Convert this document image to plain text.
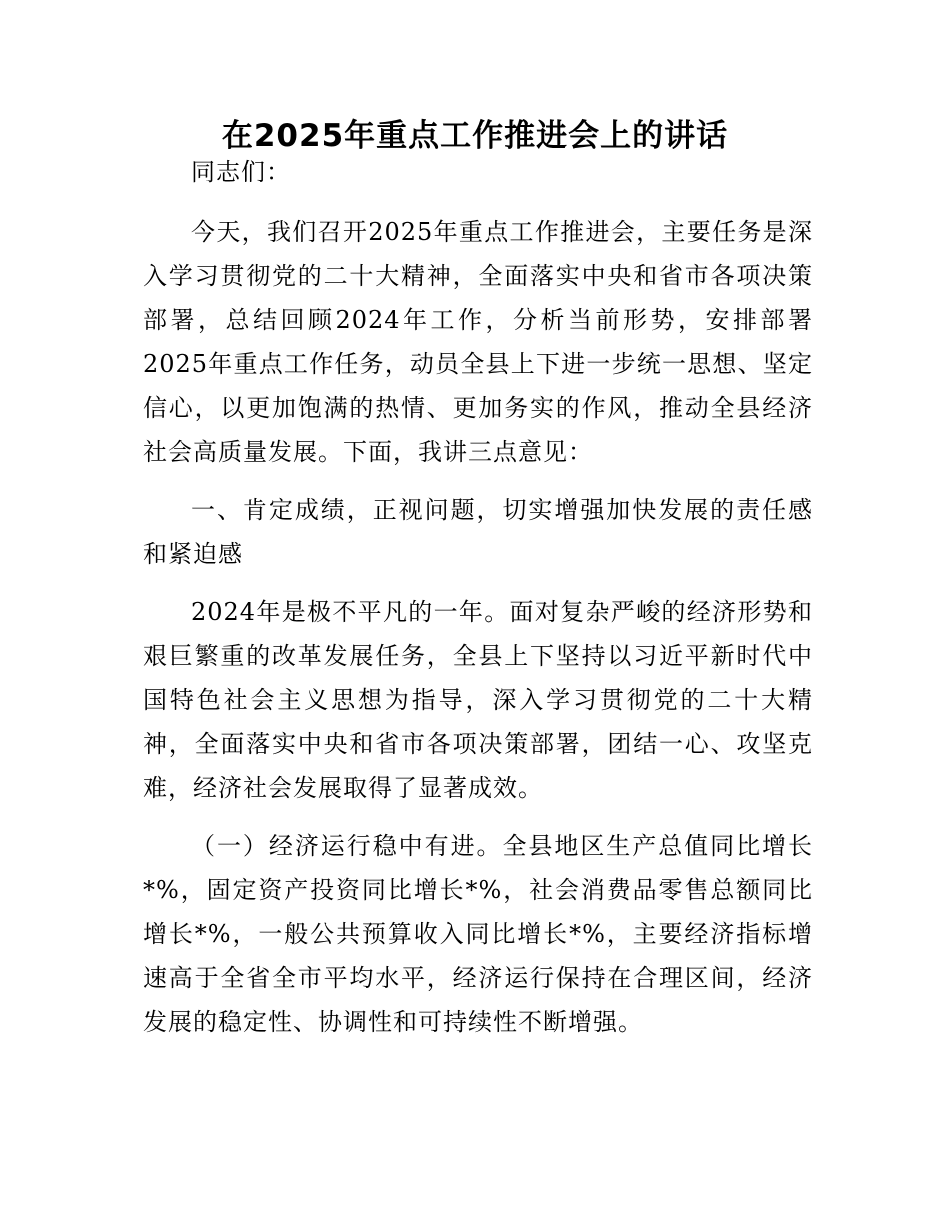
在2025年重点工作推进会上的讲话

同志们：

今天，我们召开2025年重点工作推进会，主要任务是深入学习贯彻党的二十大精神，全面落实中央和省市各项决策部署，总结回顾2024年工作，分析当前形势，安排部署2025年重点工作任务，动员全县上下进一步统一思想、坚定信心，以更加饱满的热情、更加务实的作风，推动全县经济社会高质量发展。下面，我讲三点意见：

一、肯定成绩，正视问题，切实增强加快发展的责任感和紧迫感

2024年是极不平凡的一年。面对复杂严峻的经济形势和艰巨繁重的改革发展任务，全县上下坚持以习近平新时代中国特色社会主义思想为指导，深入学习贯彻党的二十大精神，全面落实中央和省市各项决策部署，团结一心、攻坚克难，经济社会发展取得了显著成效。

（一）经济运行稳中有进。全县地区生产总值同比增长*%，固定资产投资同比增长*%，社会消费品零售总额同比增长*%，一般公共预算收入同比增长*%，主要经济指标增速高于全省全市平均水平，经济运行保持在合理区间，经济发展的稳定性、协调性和可持续性不断增强。
